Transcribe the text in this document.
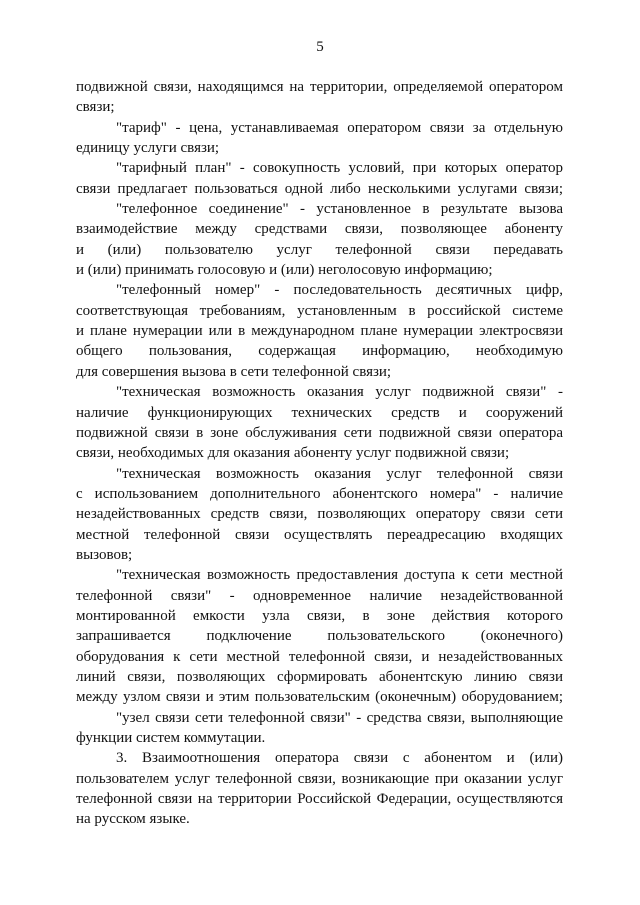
5
подвижной связи, находящимся на территории, определяемой оператором
связи;
"тариф" - цена, устанавливаемая оператором связи за отдельную
единицу услуги связи;
"тарифный план" - совокупность условий, при которых оператор
связи предлагает пользоваться одной либо несколькими услугами связи;
"телефонное соединение" - установленное в результате вызова
взаимодействие между средствами связи, позволяющее абоненту
и (или) пользователю услуг телефонной связи передавать
и (или) принимать голосовую и (или) неголосовую информацию;
"телефонный номер" - последовательность десятичных цифр,
соответствующая требованиям, установленным в российской системе
и плане нумерации или в международном плане нумерации электросвязи
общего пользования, содержащая информацию, необходимую
для совершения вызова в сети телефонной связи;
"техническая возможность оказания услуг подвижной связи" -
наличие функционирующих технических средств и сооружений
подвижной связи в зоне обслуживания сети подвижной связи оператора
связи, необходимых для оказания абоненту услуг подвижной связи;
"техническая возможность оказания услуг телефонной связи
с использованием дополнительного абонентского номера" - наличие
незадействованных средств связи, позволяющих оператору связи сети
местной телефонной связи осуществлять переадресацию входящих
вызовов;
"техническая возможность предоставления доступа к сети местной
телефонной связи" - одновременное наличие незадействованной
монтированной емкости узла связи, в зоне действия которого
запрашивается подключение пользовательского (оконечного)
оборудования к сети местной телефонной связи, и незадействованных
линий связи, позволяющих сформировать абонентскую линию связи
между узлом связи и этим пользовательским (оконечным) оборудованием;
"узел связи сети телефонной связи" - средства связи, выполняющие
функции систем коммутации.
3. Взаимоотношения оператора связи с абонентом и (или)
пользователем услуг телефонной связи, возникающие при оказании услуг
телефонной связи на территории Российской Федерации, осуществляются
на русском языке.
